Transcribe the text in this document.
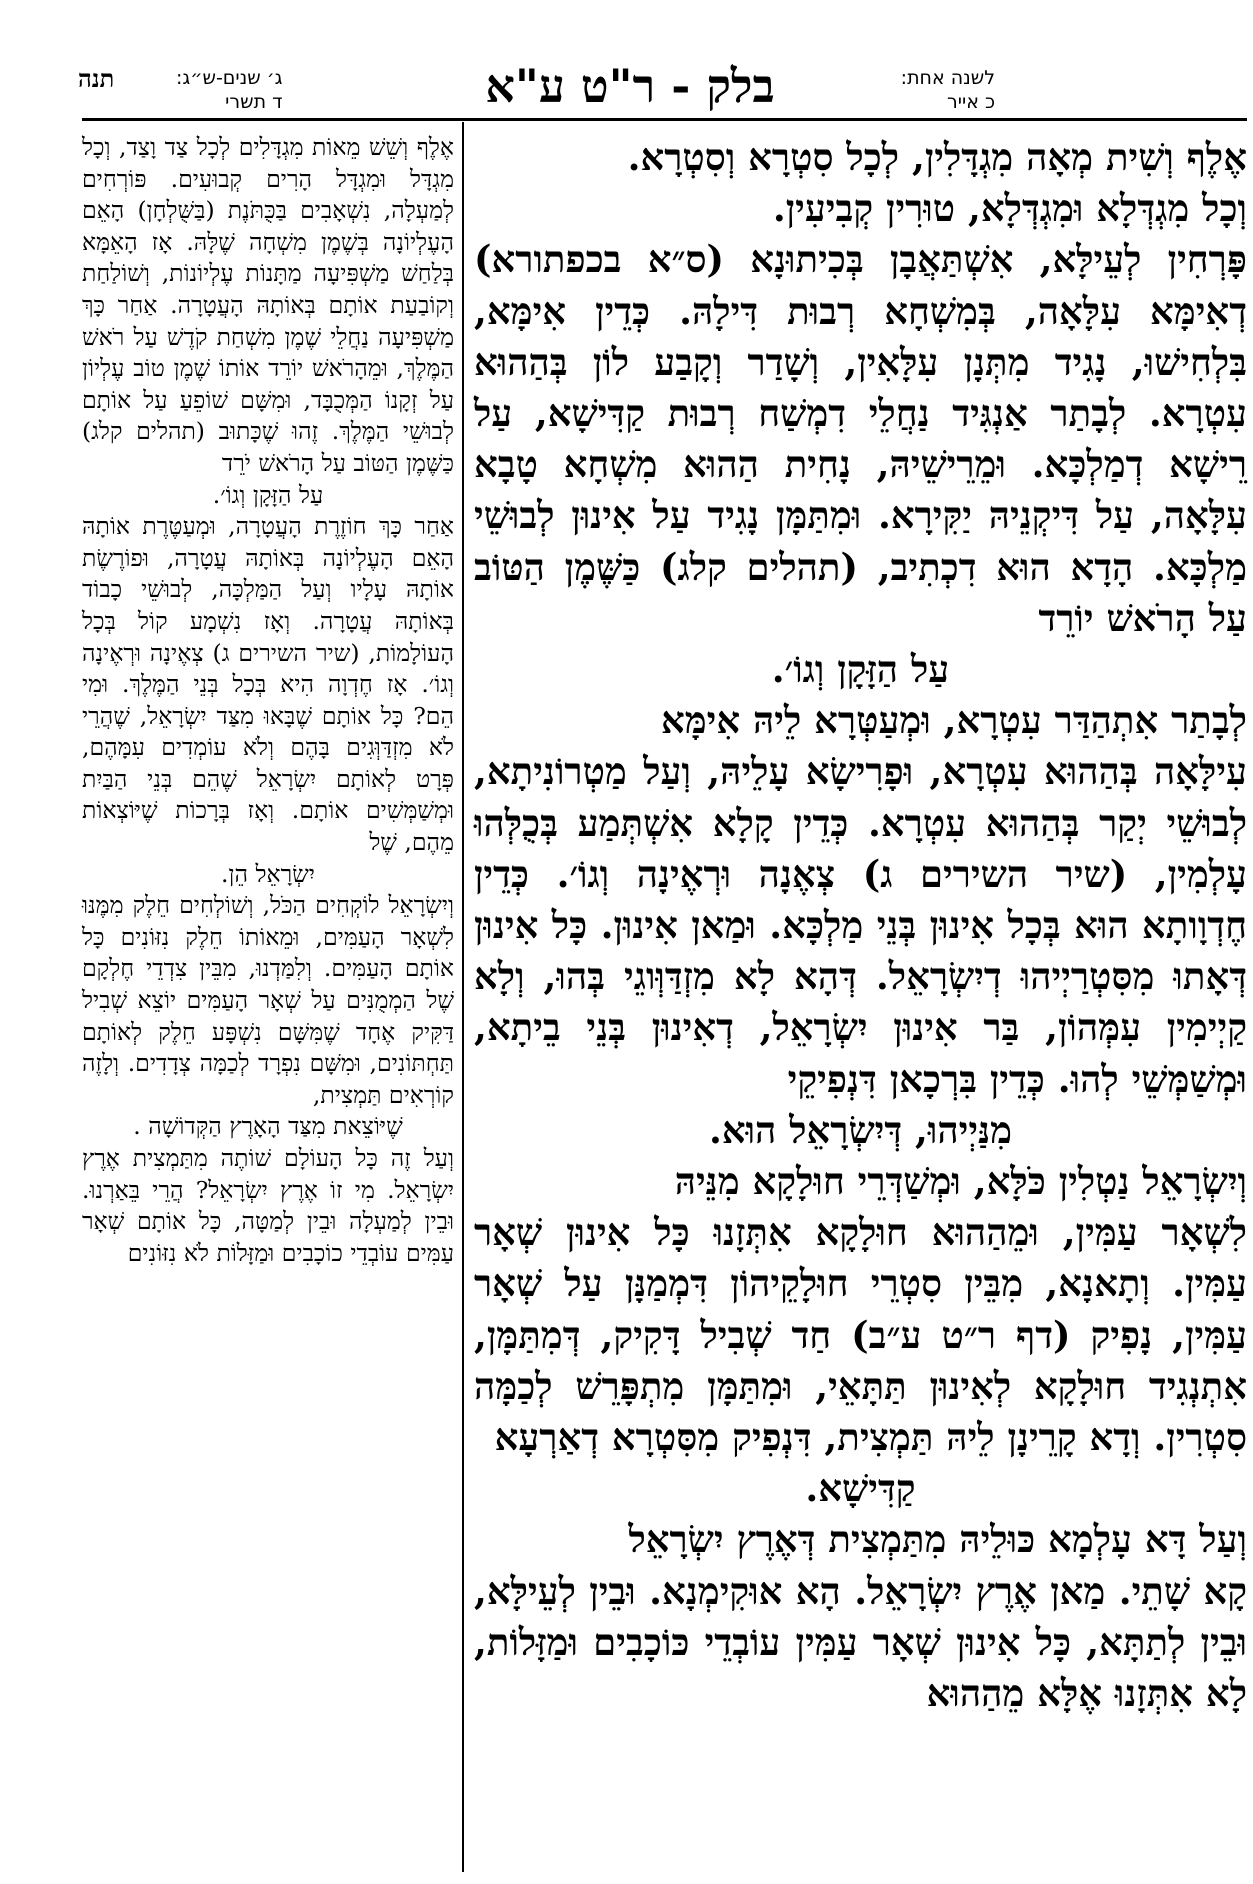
לשנה אחת:
כ אייר
בלק - ר"ט ע"א
ג׳ שנים-ש״ג:
ד תשרי
תנה

אֶלֶף וְשִׁית מְאָה מִגְדָּלִין, לְכָל סִטְרָא וְסִטְרָא.

וְכָל מִגְדְּלָא וּמִגְדְּלָא, טוּרִין קְבִיעִין.

פָּרְחִין לְעֵילָּא, אִשְׁתַּאֲבָן בְּכִיתוּנָא (ס״א בכפתורא) דְאִימָּא עִלָּאָה, בְּמִשְׁחָא רְבוּת דִּילָהּ. כְּדֵין אִימָּא, בִּלְחִישׁוּ, נָגִיד מִתְּנָן עִלָּאִין, וְשָׁדַר וְקָבַע לוֹן בְּהַהוּא עִטְרָא. לְבָתַר אַנְגִּיד נַחֲלֵי דִמְשַׁח רְבוּת קַדִּישָׁא, עַל רֵישָׁא דְמַלְכָּא. וּמֵרֵישֵׁיהּ, נָחִית הַהוּא מִשְׁחָא טָבָא עִלָּאָה, עַל דִּיקְנֵיהּ יַקִּירָא. וּמִתַּמָּן נָגִיד עַל אִינוּן לְבוּשֵׁי מַלְכָּא. הָדָא הוּא דִכְתִיב, (תהלים קלג) כַּשֶּׁמֶן הַטּוֹב עַל הָרֹאשׁ יוֹרֵד

עַל הַזָּקָן וְגוֹ׳.

לְבָתַר אִתְהַדַּר עִטְרָא, וּמְעַטְּרָא לֵיהּ אִימָּא

עִילָּאָה בְּהַהוּא עִטְרָא, וּפָרִישָׂא עָלֵיהּ, וְעַל מַטְרוֹנִיתָא, לְבוּשֵׁי יְקַר בְּהַהוּא עִטְרָא. כְּדֵין קָלָא אִשְׁתְּמַע בְּכֻלְּהוּ עָלְמִין, (שיר השירים ג) צְאֶנָה וּרְאֶינָה וְגוֹ׳. כְּדֵין חֶדְוָותָא הוּא בְּכָל אִינוּן בְּנֵי מַלְכָּא. וּמַאן אִינוּן. כָּל אִינוּן דְּאָתוּ מִסִּטְרַיְיהוּ דְיִשְׂרָאֵל. דְּהָא לָא מִזְדַּוְּוגֵי בְּהוּ, וְלָא קַיְימִין עִמְּהוֹן, בַּר אִינוּן יִשְׂרָאֵל, דְאִינוּן בְּנֵי בֵיתָא, וּמְשַׁמְּשֵׁי לְהוּ. כְּדֵין בִּרְכָאן דִּנְפִיקֵי

מִנַּיְיהוּ, דְּיִשְׂרָאֵל הוּא.

וְיִשְׂרָאֵל נַטְלִין כֹּלָּא, וּמְשַׁדְּרֵי חוּלָקָא מִנֵּיהּ

לִשְׁאָר עַמִּין, וּמֵהַהוּא חוּלָקָא אִתְּזָנוּ כָּל אִינוּן שְׁאָר עַמִּין. וְתָאנָא, מִבֵּין סִטְרֵי חוּלָקֵיהוֹן דִּמְמַנָּן עַל שְׁאָר עַמִּין, נָפִיק (דף ר״ט ע״ב) חַד שְׁבִיל דָּקִיק, דְּמִתַּמָּן, אִתְנְגִיד חוּלָקָא לְאִינוּן תַּתָּאֵי, וּמִתַּמָּן מִתְפָּרֵשׁ לְכַמָּה סִטְרִין. וְדָא קָרֵינָן לֵיהּ תַּמְצִית, דִּנְפִיק מִסִּטְרָא דְאַרְעָא

קַדִּישָׁא.

וְעַל דָּא עָלְמָא כּוּלֵיהּ מִתַּמְצִית דְּאֶרֶץ יִשְׂרָאֵל

קָא שָׁתֵי. מַאן אֶרֶץ יִשְׂרָאֵל. הָא אוּקִימְנָא. וּבֵין לְעֵילָּא, וּבֵין לְתַתָּא, כָּל אִינוּן שְׁאָר עַמִּין עוֹבְדֵי כּוֹכָבִים וּמַזָּלוֹת, לָא אִתְּזָנוּ אֶלָּא מֵהַהוּא

אֶלֶף וְשֵׁשׁ מֵאוֹת מִגְדָּלִים לְכָל צַד וָצַד, וְכָל מִגְדָּל וּמִגְדָּל הָרִים קְבוּעִים. פּוֹרְחִים לְמַעְלָה, נִשְׁאָבִים בַּכֻּתֹּנֶת (בַּשֻּׁלְחָן) הָאֵם הָעֶלְיוֹנָה בְּשֶׁמֶן מִשְׁחָה שֶׁלָּהּ. אָז הָאֵמָּא בְּלַחַשׁ מַשְׁפִּיעָה מַתָּנוֹת עֶלְיוֹנוֹת, וְשׁוֹלַחַת וְקוֹבַעַת אוֹתָם בְּאוֹתָהּ הָעֲטָרָה. אַחַר כָּךְ מַשְׁפִּיעָה נַחֲלֵי שֶׁמֶן מִשְׁחַת קֹדֶשׁ עַל רֹאשׁ הַמֶּלֶךְ, וּמֵהָרֹאשׁ יוֹרֵד אוֹתוֹ שֶׁמֶן טוֹב עֶלְיוֹן עַל זְקָנוֹ הַמְּכֻבָּד, וּמִשָּׁם שׁוֹפֵעַ עַל אוֹתָם לְבוּשֵׁי הַמֶּלֶךְ. זֶהוּ שֶׁכָּתוּב (תהלים קלג) כַּשֶּׁמֶן הַטּוֹב עַל הָרֹאשׁ יֹרֵד

עַל הַזָּקָן וְגוֹ׳.

אַחַר כָּךְ חוֹזֶרֶת הָעֲטָרָה, וּמְעַטֶּרֶת אוֹתָהּ הָאֵם הָעֶלְיוֹנָה בְּאוֹתָהּ עֲטָרָה, וּפוֹרֶשֶׂת אוֹתָהּ עָלָיו וְעַל הַמַּלְכָּה, לְבוּשֵׁי כָבוֹד בְּאוֹתָהּ עֲטָרָה. וְאָז נִשְׁמָע קוֹל בְּכָל הָעוֹלָמוֹת, (שיר השירים ג) צְאֶינָה וּרְאֶינָה וְגוֹ׳. אָז חֶדְוָה הִיא בְּכָל בְּנֵי הַמֶּלֶךְ. וּמִי הֵם? כָּל אוֹתָם שֶׁבָּאוּ מִצַּד יִשְׂרָאֵל, שֶׁהֲרֵי לֹא מִזְדַּוְּגִים בָּהֶם וְלֹא עוֹמְדִים עִמָּהֶם, פְּרָט לְאוֹתָם יִשְׂרָאֵל שֶׁהֵם בְּנֵי הַבַּיִת וּמְשַׁמְּשִׁים אוֹתָם. וְאָז בְּרָכוֹת שֶׁיּוֹצְאוֹת מֵהֶם, שֶׁל

יִשְׂרָאֵל הֵן.

וְיִשְׂרָאֵל לוֹקְחִים הַכֹּל, וְשׁוֹלְחִים חֵלֶק מִמֶּנּוּ לִשְׁאָר הָעַמִּים, וּמֵאוֹתוֹ חֵלֶק נִזּוֹנִים כָּל אוֹתָם הָעַמִּים. וְלִמַּדְנוּ, מִבֵּין צִדְדֵי חֶלְקָם שֶׁל הַמְמֻנִּים עַל שְׁאָר הָעַמִּים יוֹצֵא שְׁבִיל דַּקִּיק אֶחָד שֶׁמִּשָּׁם נִשְׁפָּע חֵלֶק לְאוֹתָם תַּחְתּוֹנִים, וּמִשָּׁם נִפְרָד לְכַמָּה צְדָדִים. וְלָזֶה קוֹרְאִים תַּמְצִית,

שֶׁיּוֹצֵאת מִצַּד הָאָרֶץ הַקְּדוֹשָׁה .

וְעַל זֶה כָּל הָעוֹלָם שׁוֹתֶה מִתַּמְצִית אֶרֶץ יִשְׂרָאֵל. מִי זוֹ אֶרֶץ יִשְׂרָאֵל? הֲרֵי בֵּאַרְנוּ. וּבֵין לְמַעְלָה וּבֵין לְמַטָּה, כָּל אוֹתָם שְׁאָר עַמִּים עוֹבְדֵי כוֹכָבִים וּמַזָּלוֹת לֹא נִזּוֹנִים
